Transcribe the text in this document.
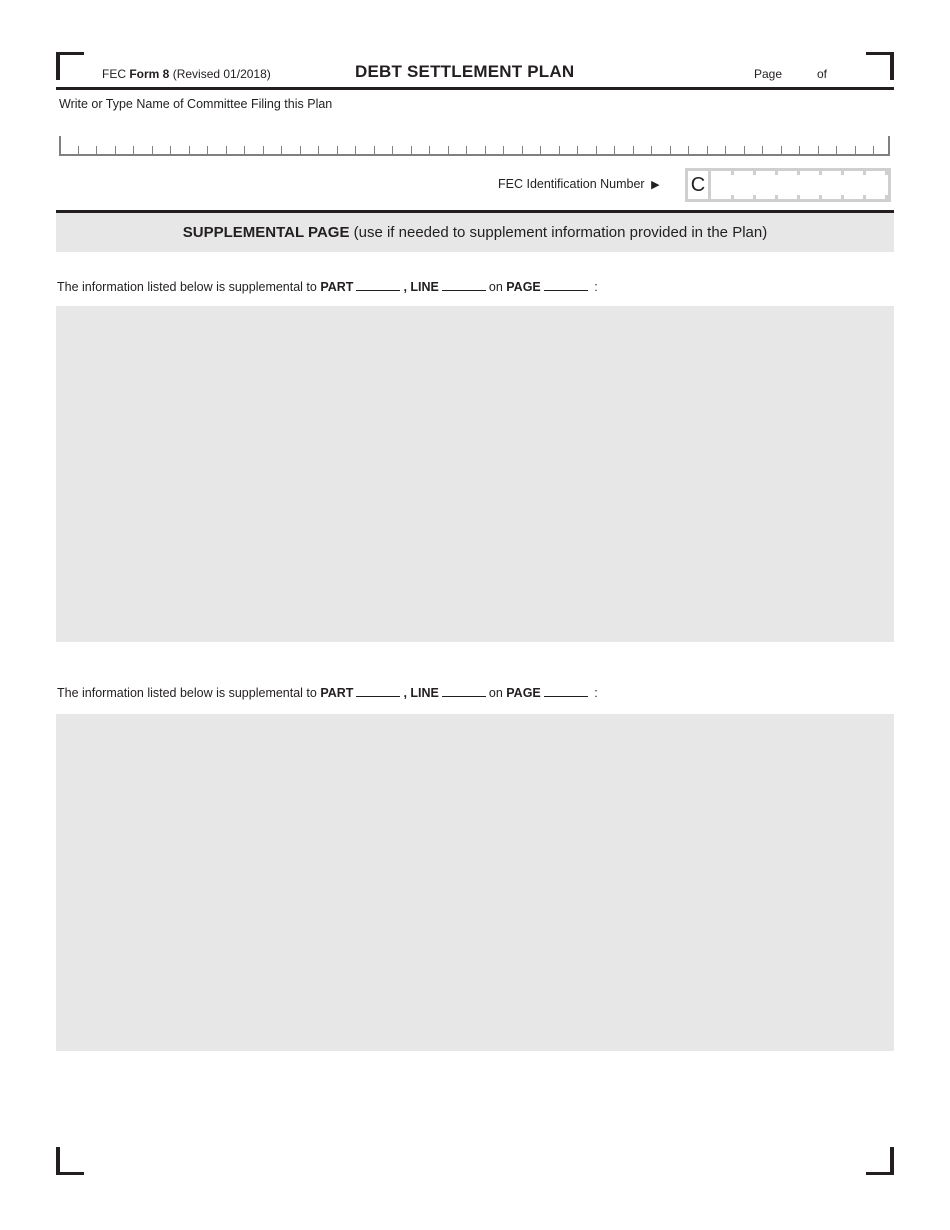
FEC Form 8 (Revised 01/2018)	DEBT SETTLEMENT PLAN	Page	of
Write or Type Name of Committee Filing this Plan
FEC Identification Number ▶ C
SUPPLEMENTAL PAGE (use if needed to supplement information provided in the Plan)
The information listed below is supplemental to PART	, LINE	on PAGE	:
The information listed below is supplemental to PART	, LINE	on PAGE	:
